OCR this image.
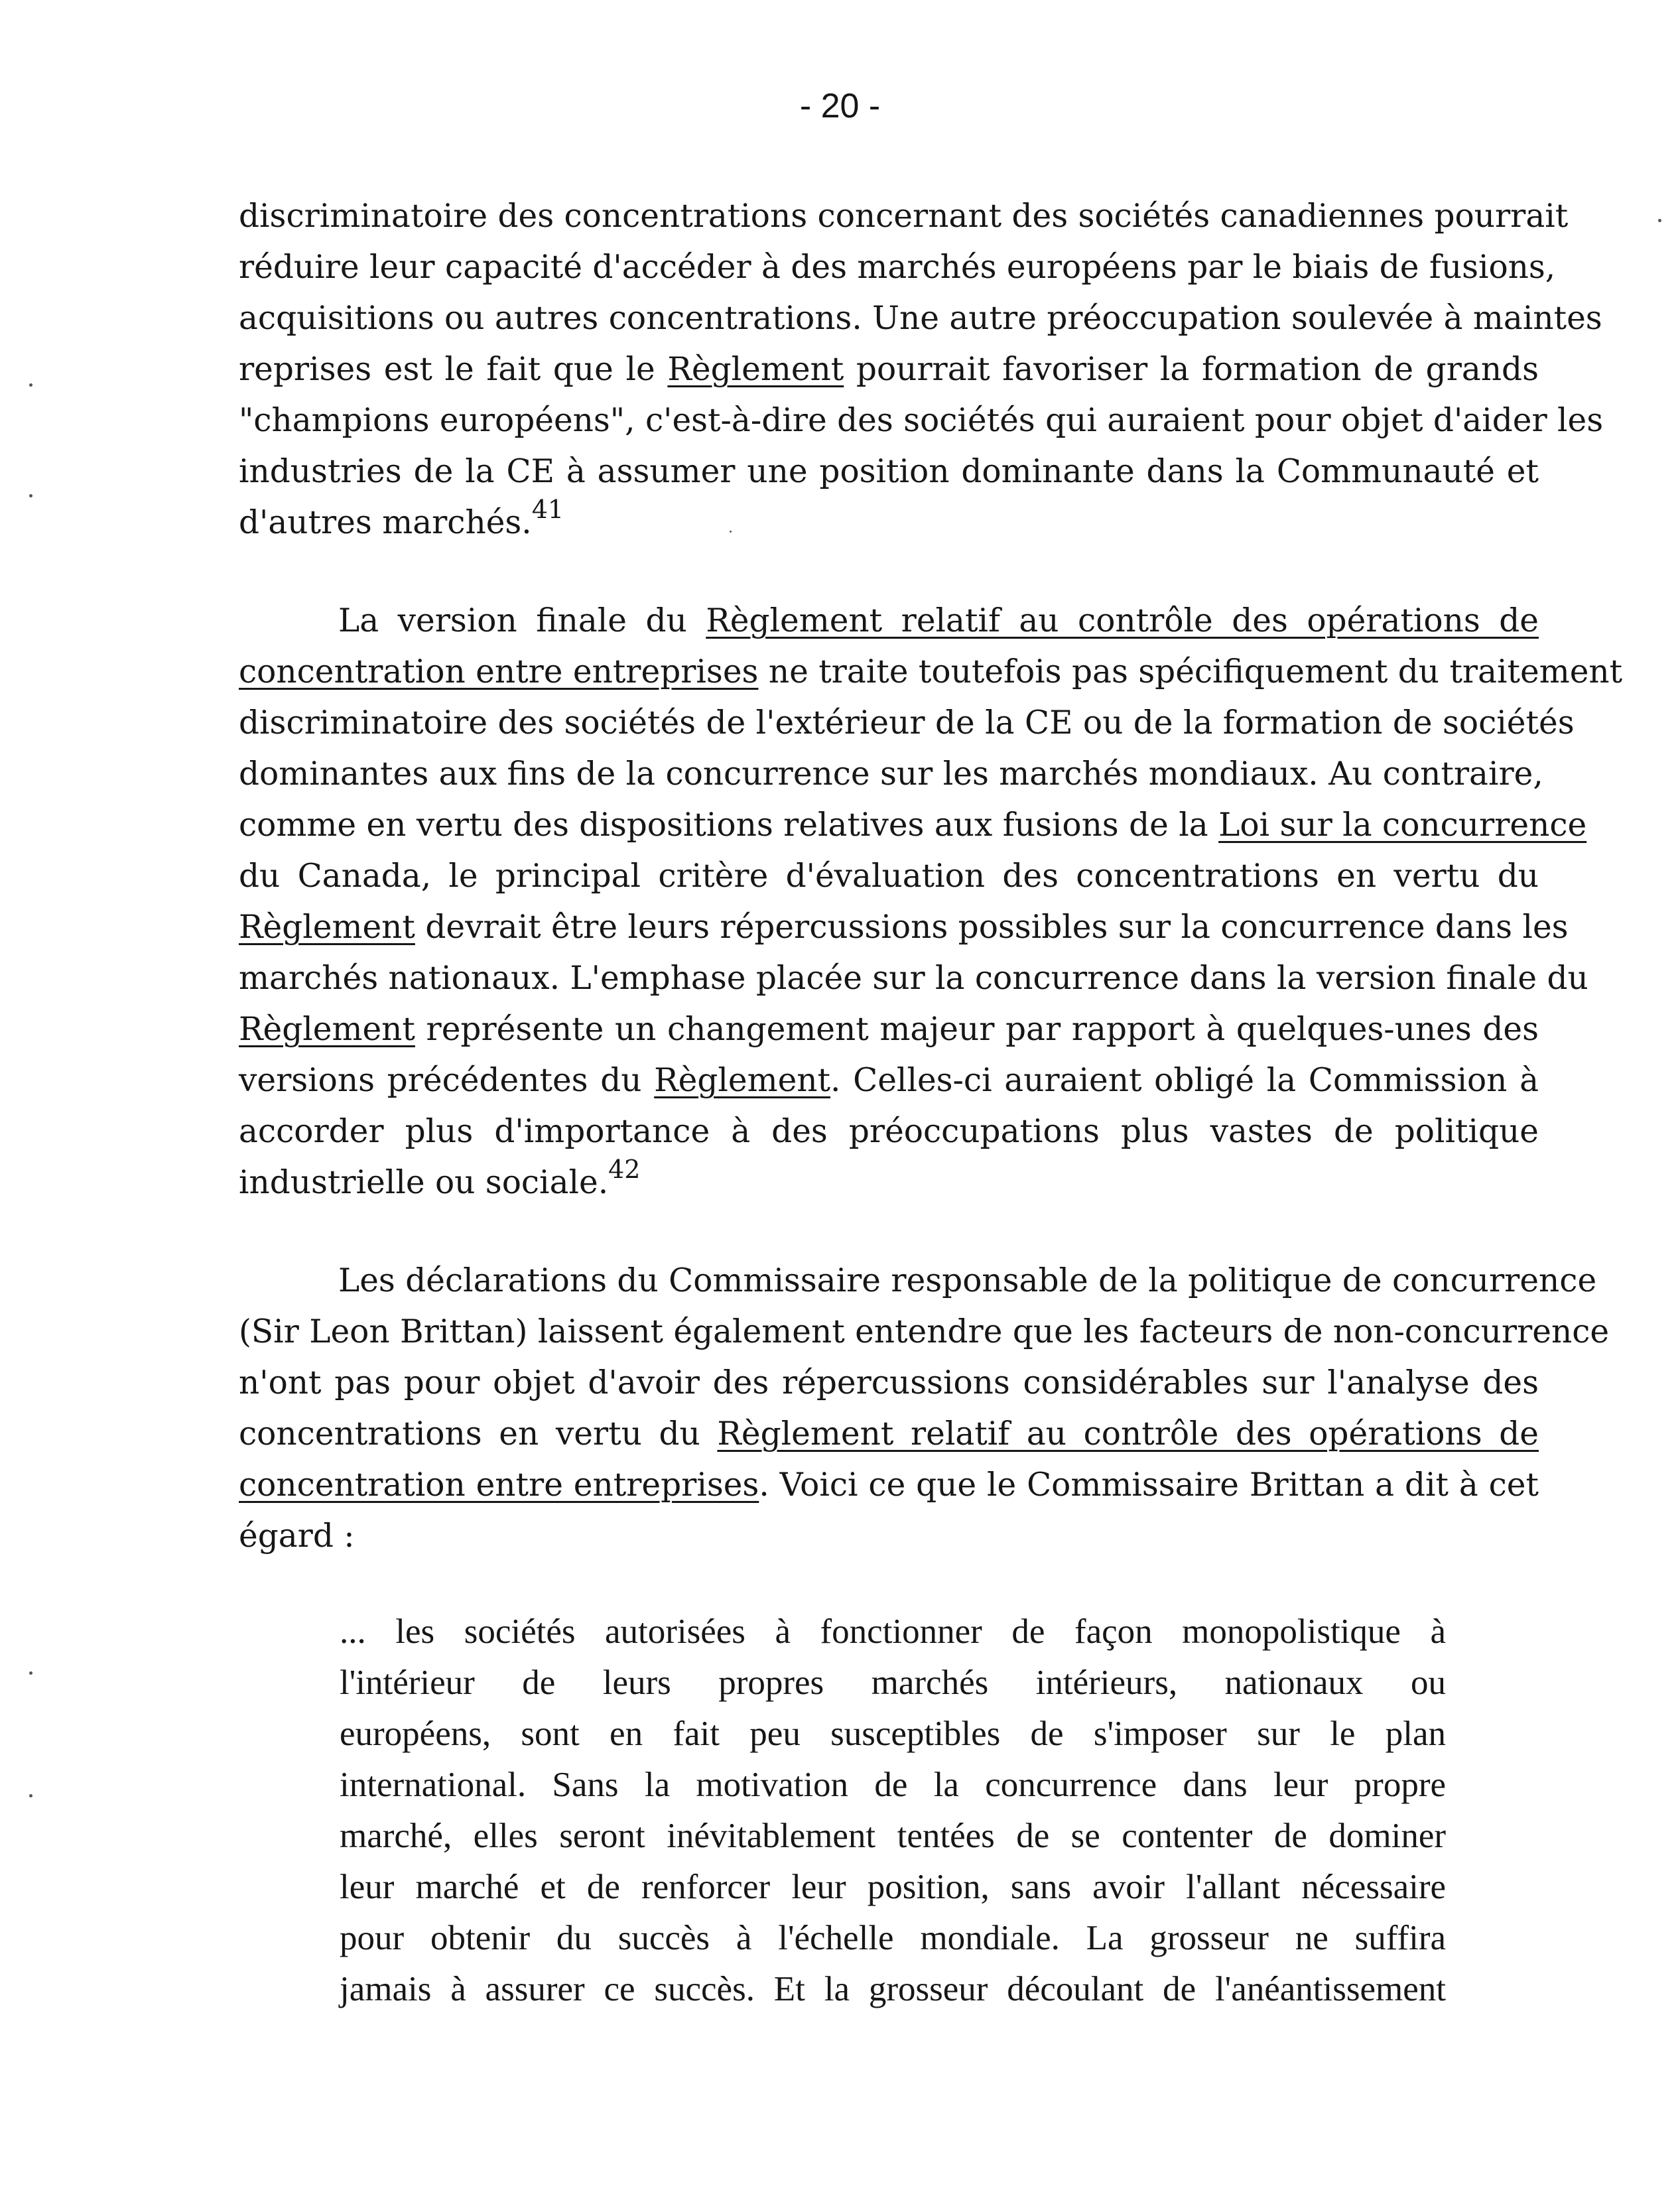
- 20 -
discriminatoire des concentrations concernant des sociétés canadiennes pourrait
réduire leur capacité d'accéder à des marchés européens par le biais de fusions,
acquisitions ou autres concentrations. Une autre préoccupation soulevée à maintes
reprises est le fait que le Règlement pourrait favoriser la formation de grands
"champions européens", c'est-à-dire des sociétés qui auraient pour objet d'aider les
industries de la CE à assumer une position dominante dans la Communauté et
d'autres marchés.$^{41}$
La version finale du Règlement relatif au contrôle des opérations de
concentration entre entreprises ne traite toutefois pas spécifiquement du traitement
discriminatoire des sociétés de l'extérieur de la CE ou de la formation de sociétés
dominantes aux fins de la concurrence sur les marchés mondiaux. Au contraire,
comme en vertu des dispositions relatives aux fusions de la Loi sur la concurrence
du Canada, le principal critère d'évaluation des concentrations en vertu du
Règlement devrait être leurs répercussions possibles sur la concurrence dans les
marchés nationaux. L'emphase placée sur la concurrence dans la version finale du
Règlement représente un changement majeur par rapport à quelques-unes des
versions précédentes du Règlement. Celles-ci auraient obligé la Commission à
accorder plus d'importance à des préoccupations plus vastes de politique
industrielle ou sociale.$^{42}$
Les déclarations du Commissaire responsable de la politique de concurrence
(Sir Leon Brittan) laissent également entendre que les facteurs de non-concurrence
n'ont pas pour objet d'avoir des répercussions considérables sur l'analyse des
concentrations en vertu du Règlement relatif au contrôle des opérations de
concentration entre entreprises. Voici ce que le Commissaire Brittan a dit à cet
égard :
... les sociétés autorisées à fonctionner de façon monopolistique à
l'intérieur de leurs propres marchés intérieurs, nationaux ou
européens, sont en fait peu susceptibles de s'imposer sur le plan
international. Sans la motivation de la concurrence dans leur propre
marché, elles seront inévitablement tentées de se contenter de dominer
leur marché et de renforcer leur position, sans avoir l'allant nécessaire
pour obtenir du succès à l'échelle mondiale. La grosseur ne suffira
jamais à assurer ce succès. Et la grosseur découlant de l'anéantissement
